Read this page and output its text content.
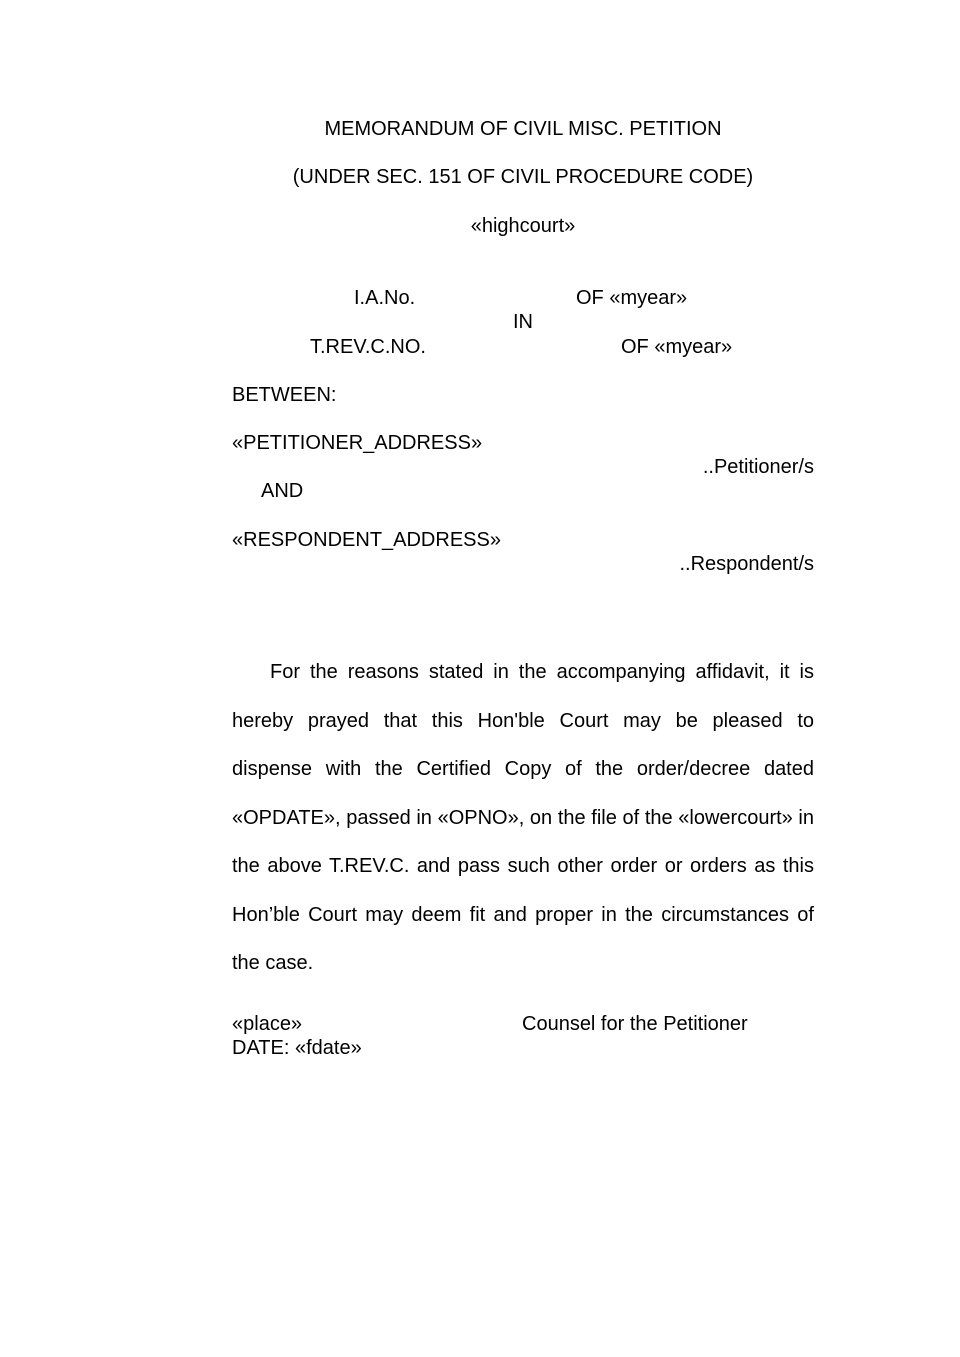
MEMORANDUM OF CIVIL MISC. PETITION
(UNDER SEC. 151 OF CIVIL PROCEDURE CODE)
«highcourt»
I.A.No.	OF «myear»
IN
T.REV.C.NO.	OF «myear»
BETWEEN:
«PETITIONER_ADDRESS»
..Petitioner/s
AND
«RESPONDENT_ADDRESS»
..Respondent/s
For the reasons stated in the accompanying affidavit, it is hereby prayed that this Hon'ble Court may be pleased to dispense with the Certified Copy of the order/decree dated «OPDATE», passed in «OPNO», on the file of the «lowercourt» in the above T.REV.C. and pass such other order or orders as this Hon’ble Court may deem fit and proper in the circumstances of the case.
«place»	Counsel for the Petitioner
DATE: «fdate»
